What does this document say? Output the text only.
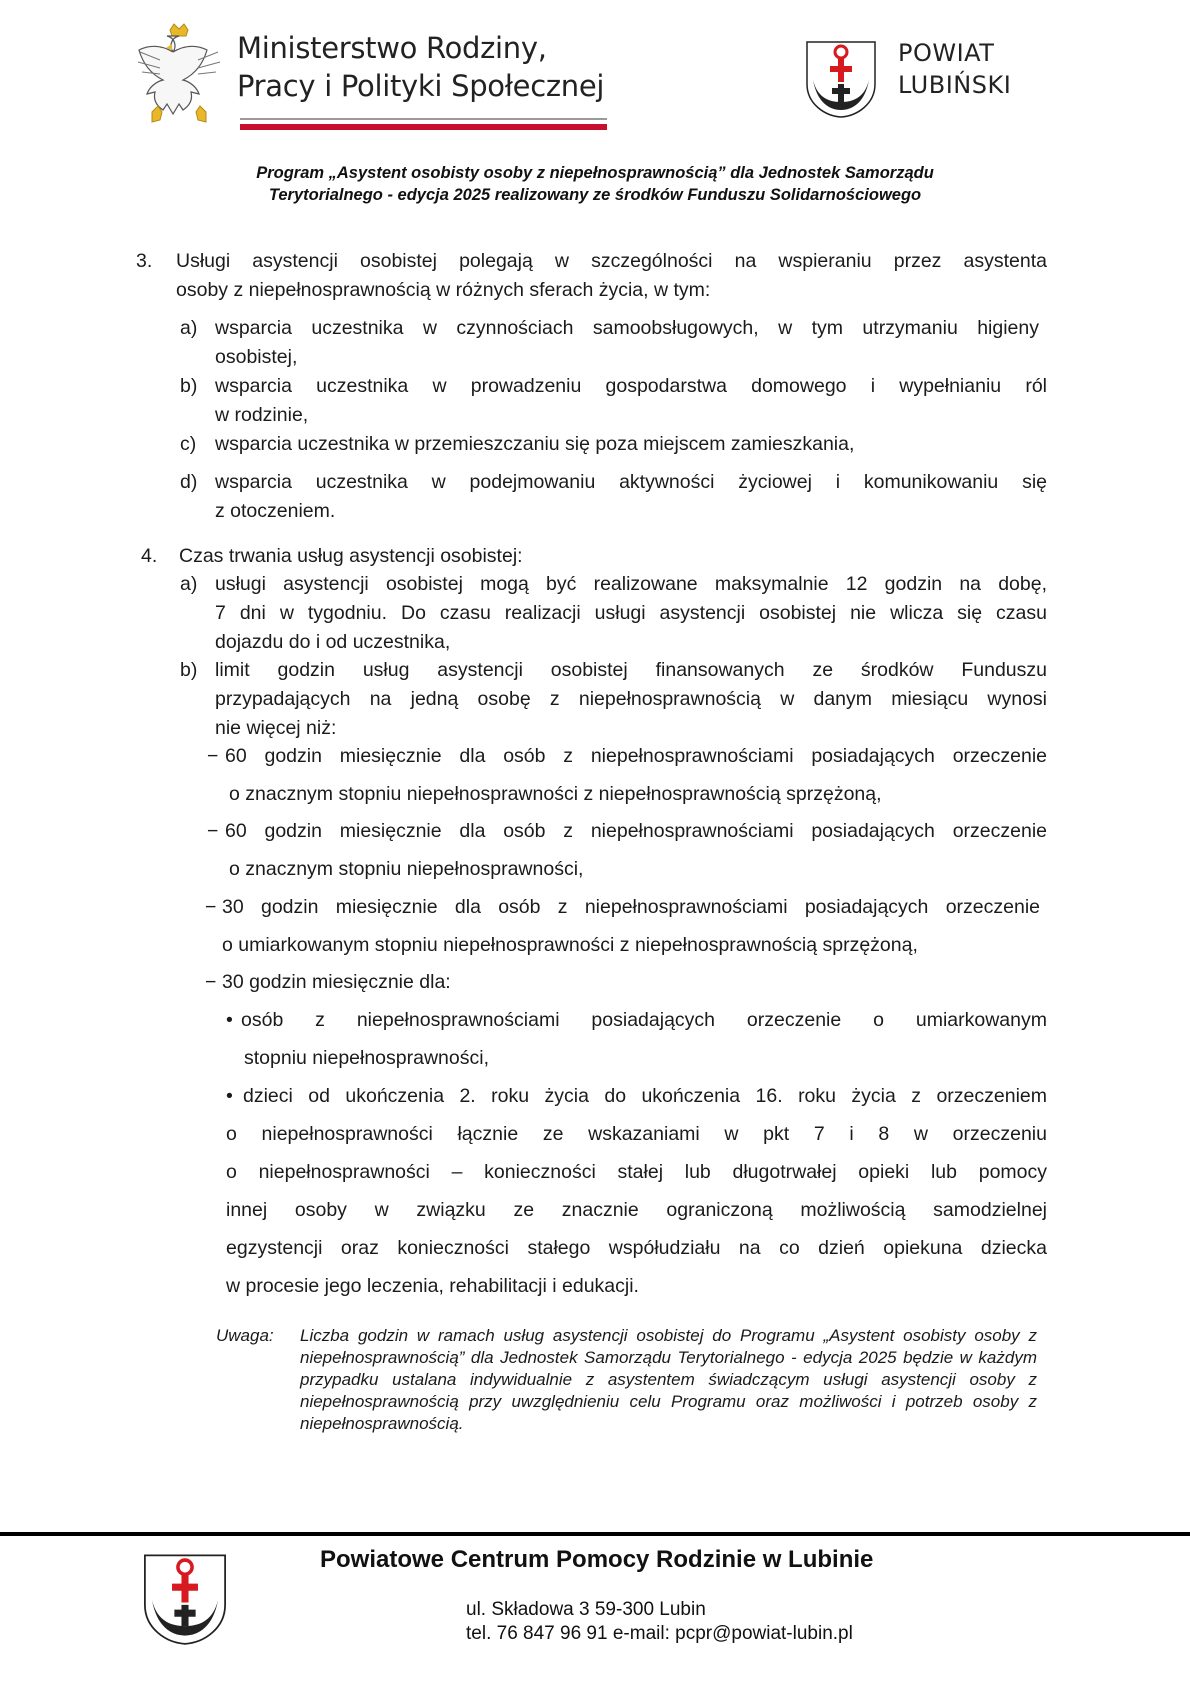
Ministerstwo Rodziny,
Pracy i Polityki Społecznej
POWIAT
LUBIŃSKI
Program „Asystent osobisty osoby z niepełnosprawnością” dla Jednostek Samorządu
Terytorialnego - edycja 2025 realizowany ze środków Funduszu Solidarnościowego
3. Usługi asystencji osobistej polegają w szczególności na wspieraniu przez asystenta
osoby z niepełnosprawnością w różnych sferach życia, w tym:
a) wsparcia uczestnika w czynnościach samoobsługowych, w tym utrzymaniu higieny
osobistej,
b) wsparcia uczestnika w prowadzeniu gospodarstwa domowego i wypełnianiu ról
w rodzinie,
c) wsparcia uczestnika w przemieszczaniu się poza miejscem zamieszkania,
d) wsparcia uczestnika w podejmowaniu aktywności życiowej i komunikowaniu się
z otoczeniem.
4. Czas trwania usług asystencji osobistej:
a) usługi asystencji osobistej mogą być realizowane maksymalnie 12 godzin na dobę,
7 dni w tygodniu. Do czasu realizacji usługi asystencji osobistej nie wlicza się czasu
dojazdu do i od uczestnika,
b) limit godzin usług asystencji osobistej finansowanych ze środków Funduszu
przypadających na jedną osobę z niepełnosprawnością w danym miesiącu wynosi
nie więcej niż:
− 60 godzin miesięcznie dla osób z niepełnosprawnościami posiadających orzeczenie
o znacznym stopniu niepełnosprawności z niepełnosprawnością sprzężoną,
− 60 godzin miesięcznie dla osób z niepełnosprawnościami posiadających orzeczenie
o znacznym stopniu niepełnosprawności,
− 30 godzin miesięcznie dla osób z niepełnosprawnościami posiadających orzeczenie
o umiarkowanym stopniu niepełnosprawności z niepełnosprawnością sprzężoną,
− 30 godzin miesięcznie dla:
• osób z niepełnosprawnościami posiadających orzeczenie o umiarkowanym
stopniu niepełnosprawności,
• dzieci od ukończenia 2. roku życia do ukończenia 16. roku życia z orzeczeniem
o niepełnosprawności łącznie ze wskazaniami w pkt 7 i 8 w orzeczeniu
o niepełnosprawności – konieczności stałej lub długotrwałej opieki lub pomocy
innej osoby w związku ze znacznie ograniczoną możliwością samodzielnej
egzystencji oraz konieczności stałego współudziału na co dzień opiekuna dziecka
w procesie jego leczenia, rehabilitacji i edukacji.
Uwaga: Liczba godzin w ramach usług asystencji osobistej do Programu „Asystent osobisty osoby z niepełnosprawnością” dla Jednostek Samorządu Terytorialnego - edycja 2025 będzie w każdym przypadku ustalana indywidualnie z asystentem świadczącym usługi asystencji osoby z niepełnosprawnością przy uwzględnieniu celu Programu oraz możliwości i potrzeb osoby z niepełnosprawnością.
Powiatowe Centrum Pomocy Rodzinie w Lubinie
ul. Składowa 3 59-300 Lubin
tel. 76 847 96 91 e-mail: pcpr@powiat-lubin.pl
